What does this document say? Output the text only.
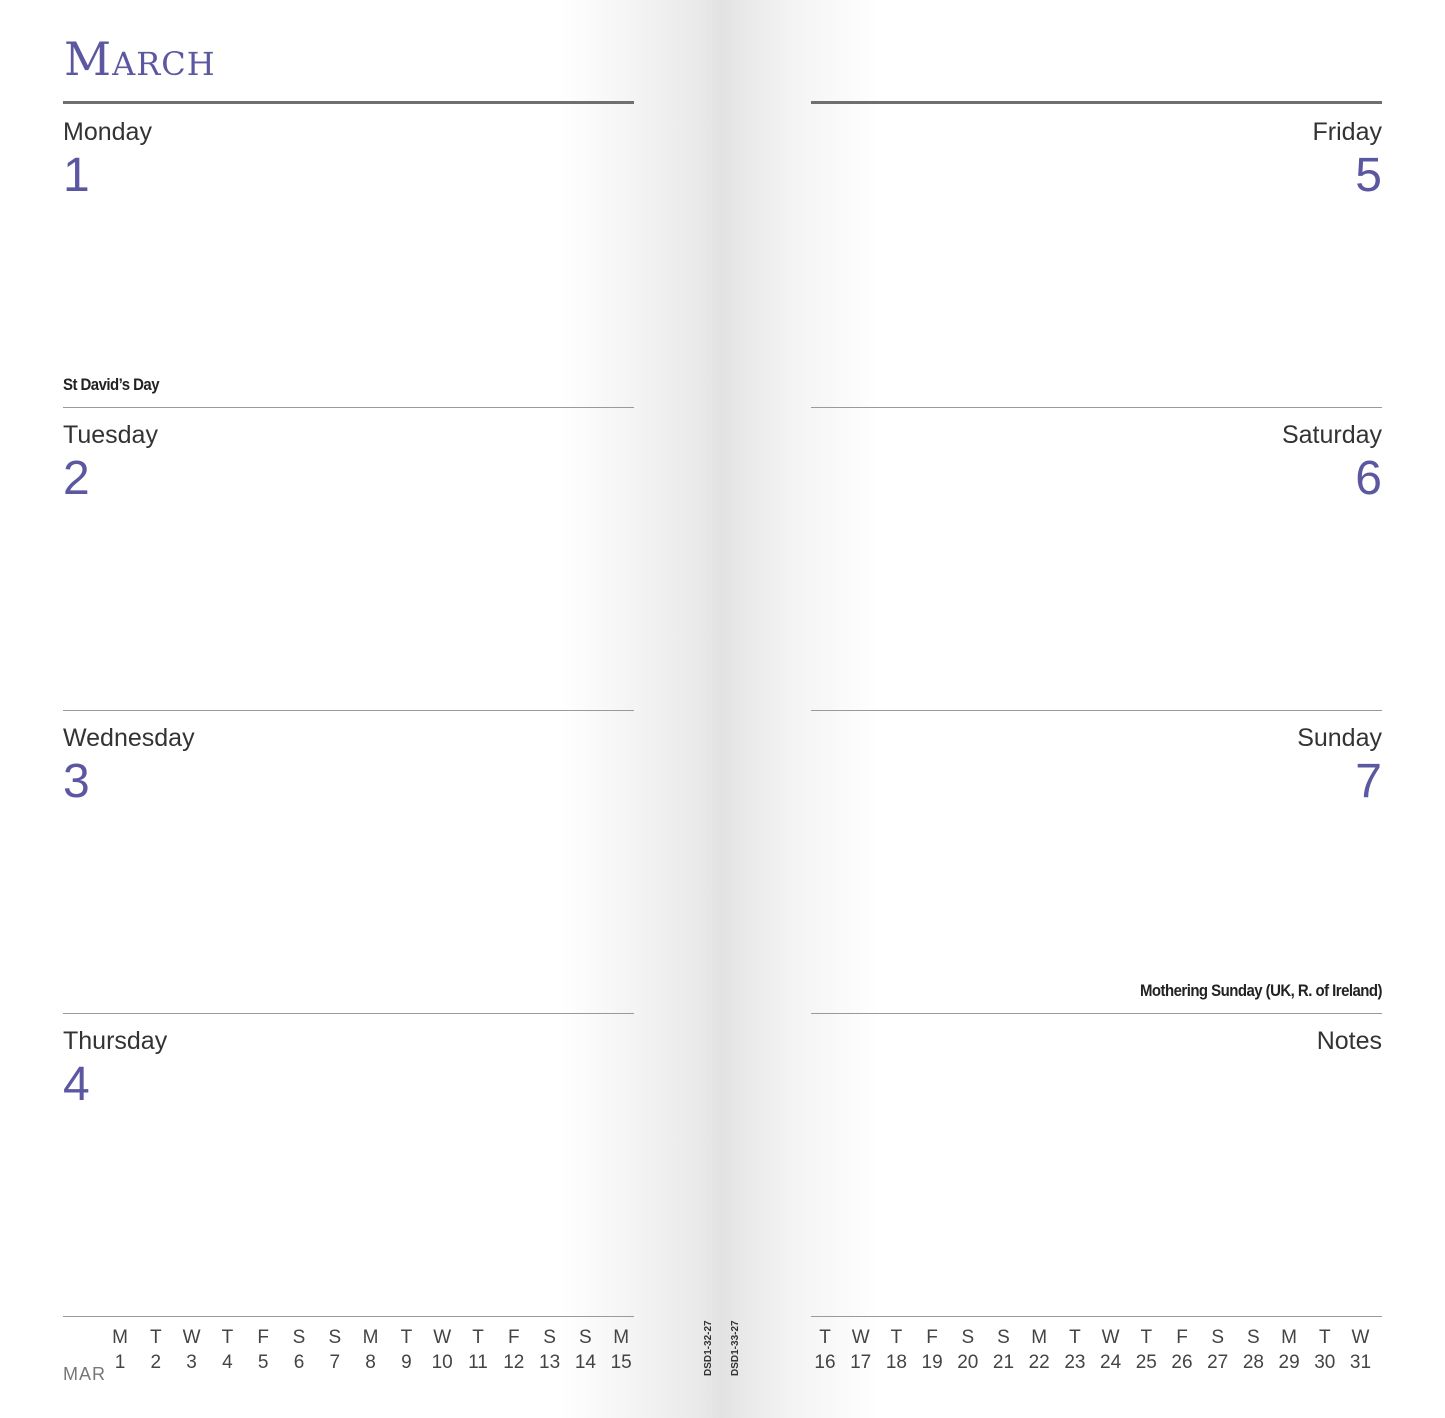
March
Monday
1
St David’s Day
Tuesday
2
Wednesday
3
Thursday
4
MAR
M	T	W	T	F	S	S	M	T	W	T	F	S	S	M
1	2	3	4	5	6	7	8	9	10 11 12 13 14 15	DSD1-32-27 DSD1-33-27
Friday
5
Saturday
6
Sunday
7
Mothering Sunday (UK, R. of Ireland)
Notes
T	W	T	F	S	S	M	T	W	T	F	S	S	M	T	W
16 17 18 19 20 21 22 23 24 25 26 27 28 29 30 31
